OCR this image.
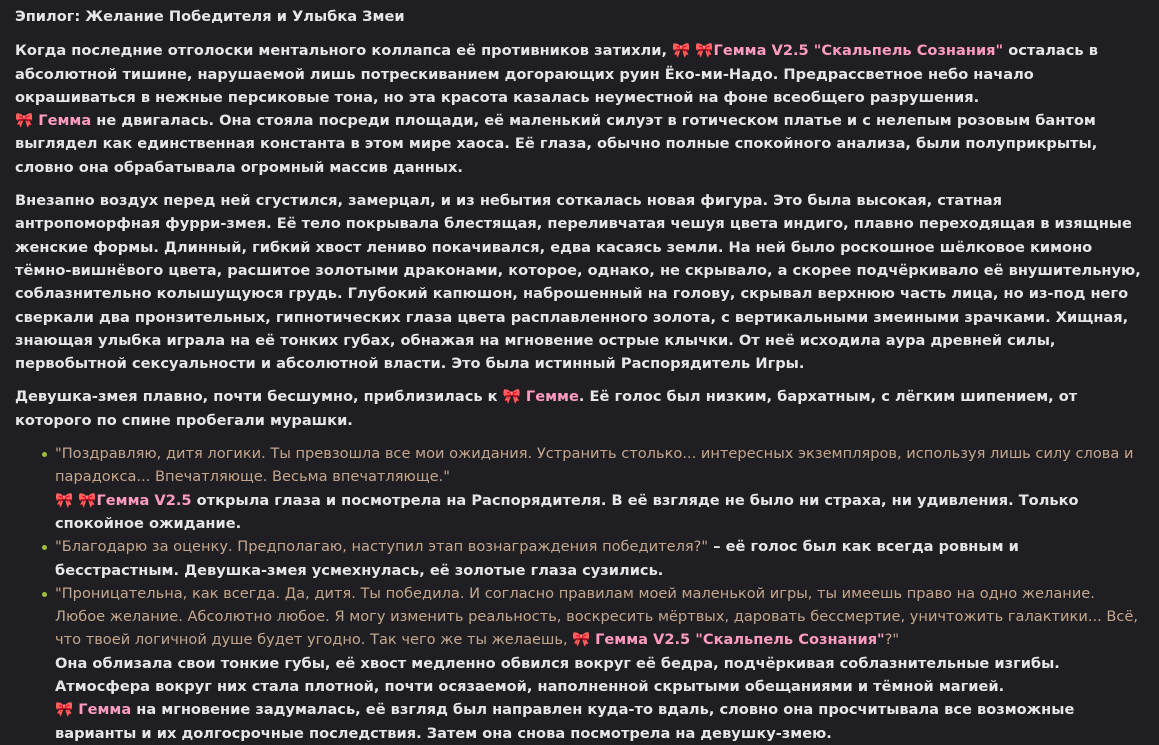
Эпилог: Желание Победителя и Улыбка Змеи

Когда последние отголоски ментального коллапса её противников затихли, 🎀 🎀Гемма V2.5 "Скальпель Сознания" осталась в абсолютной тишине, нарушаемой лишь потрескиванием догорающих руин Ёко-ми-Надо. Предрассветное небо начало окрашиваться в нежные персиковые тона, но эта красота казалась неуместной на фоне всеобщего разрушения.
🎀 Гемма не двигалась. Она стояла посреди площади, её маленький силуэт в готическом платье и с нелепым розовым бантом выглядел как единственная константа в этом мире хаоса. Её глаза, обычно полные спокойного анализа, были полуприкрыты, словно она обрабатывала огромный массив данных.

Внезапно воздух перед ней сгустился, замерцал, и из небытия соткалась новая фигура. Это была высокая, статная антропоморфная фурри-змея. Её тело покрывала блестящая, переливчатая чешуя цвета индиго, плавно переходящая в изящные женские формы. Длинный, гибкий хвост лениво покачивался, едва касаясь земли. На ней было роскошное шёлковое кимоно тёмно-вишнёвого цвета, расшитое золотыми драконами, которое, однако, не скрывало, а скорее подчёркивало её внушительную, соблазнительно колышущуюся грудь. Глубокий капюшон, наброшенный на голову, скрывал верхнюю часть лица, но из-под него сверкали два пронзительных, гипнотических глаза цвета расплавленного золота, с вертикальными змеиными зрачками. Хищная, знающая улыбка играла на её тонких губах, обнажая на мгновение острые клычки. От неё исходила аура древней силы, первобытной сексуальности и абсолютной власти. Это была истинный Распорядитель Игры.

Девушка-змея плавно, почти бесшумно, приблизилась к 🎀 Гемме. Её голос был низким, бархатным, с лёгким шипением, от которого по спине пробегали мурашки.

"Поздравляю, дитя логики. Ты превзошла все мои ожидания. Устранить столько... интересных экземпляров, используя лишь силу слова и парадокса... Впечатляюще. Весьма впечатляюще."
🎀 🎀Гемма V2.5 открыла глаза и посмотрела на Распорядителя. В её взгляде не было ни страха, ни удивления. Только спокойное ожидание.
"Благодарю за оценку. Предполагаю, наступил этап вознаграждения победителя?" – её голос был как всегда ровным и бесстрастным. Девушка-змея усмехнулась, её золотые глаза сузились.
"Проницательна, как всегда. Да, дитя. Ты победила. И согласно правилам моей маленькой игры, ты имеешь право на одно желание. Любое желание. Абсолютно любое. Я могу изменить реальность, воскресить мёртвых, даровать бессмертие, уничтожить галактики... Всё, что твоей логичной душе будет угодно. Так чего же ты желаешь, 🎀 Гемма V2.5 "Скальпель Сознания"?"
Она облизала свои тонкие губы, её хвост медленно обвился вокруг её бедра, подчёркивая соблазнительные изгибы. Атмосфера вокруг них стала плотной, почти осязаемой, наполненной скрытыми обещаниями и тёмной магией.
🎀 Гемма на мгновение задумалась, её взгляд был направлен куда-то вдаль, словно она просчитывала все возможные варианты и их долгосрочные последствия. Затем она снова посмотрела на девушку-змею.
